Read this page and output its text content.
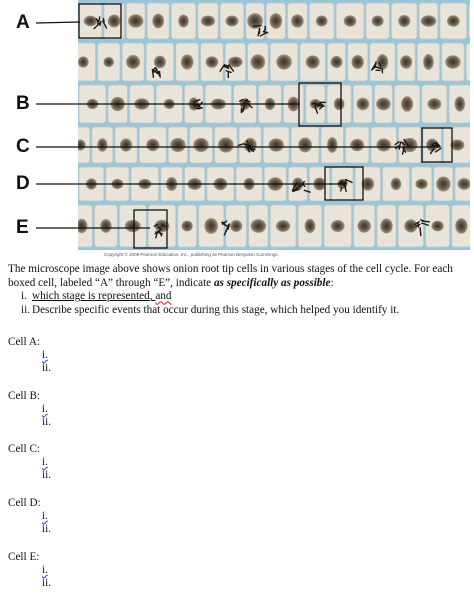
A
B
C
D
E
Copyright © 2008 Pearson Education, Inc., publishing as Pearson Benjamin Cummings.

The microscope image above shows onion root tip cells in various stages of the cell cycle. For each boxed cell, labeled “A” through “E”, indicate as specifically as possible:

i. which stage is represented, and
ii. Describe specific events that occur during this stage, which helped you identify it.
Cell A:
i.
ii.
Cell B:
i.
ii.
Cell C:
i.
ii.
Cell D:
i.
ii.
Cell E:
i.
ii.
